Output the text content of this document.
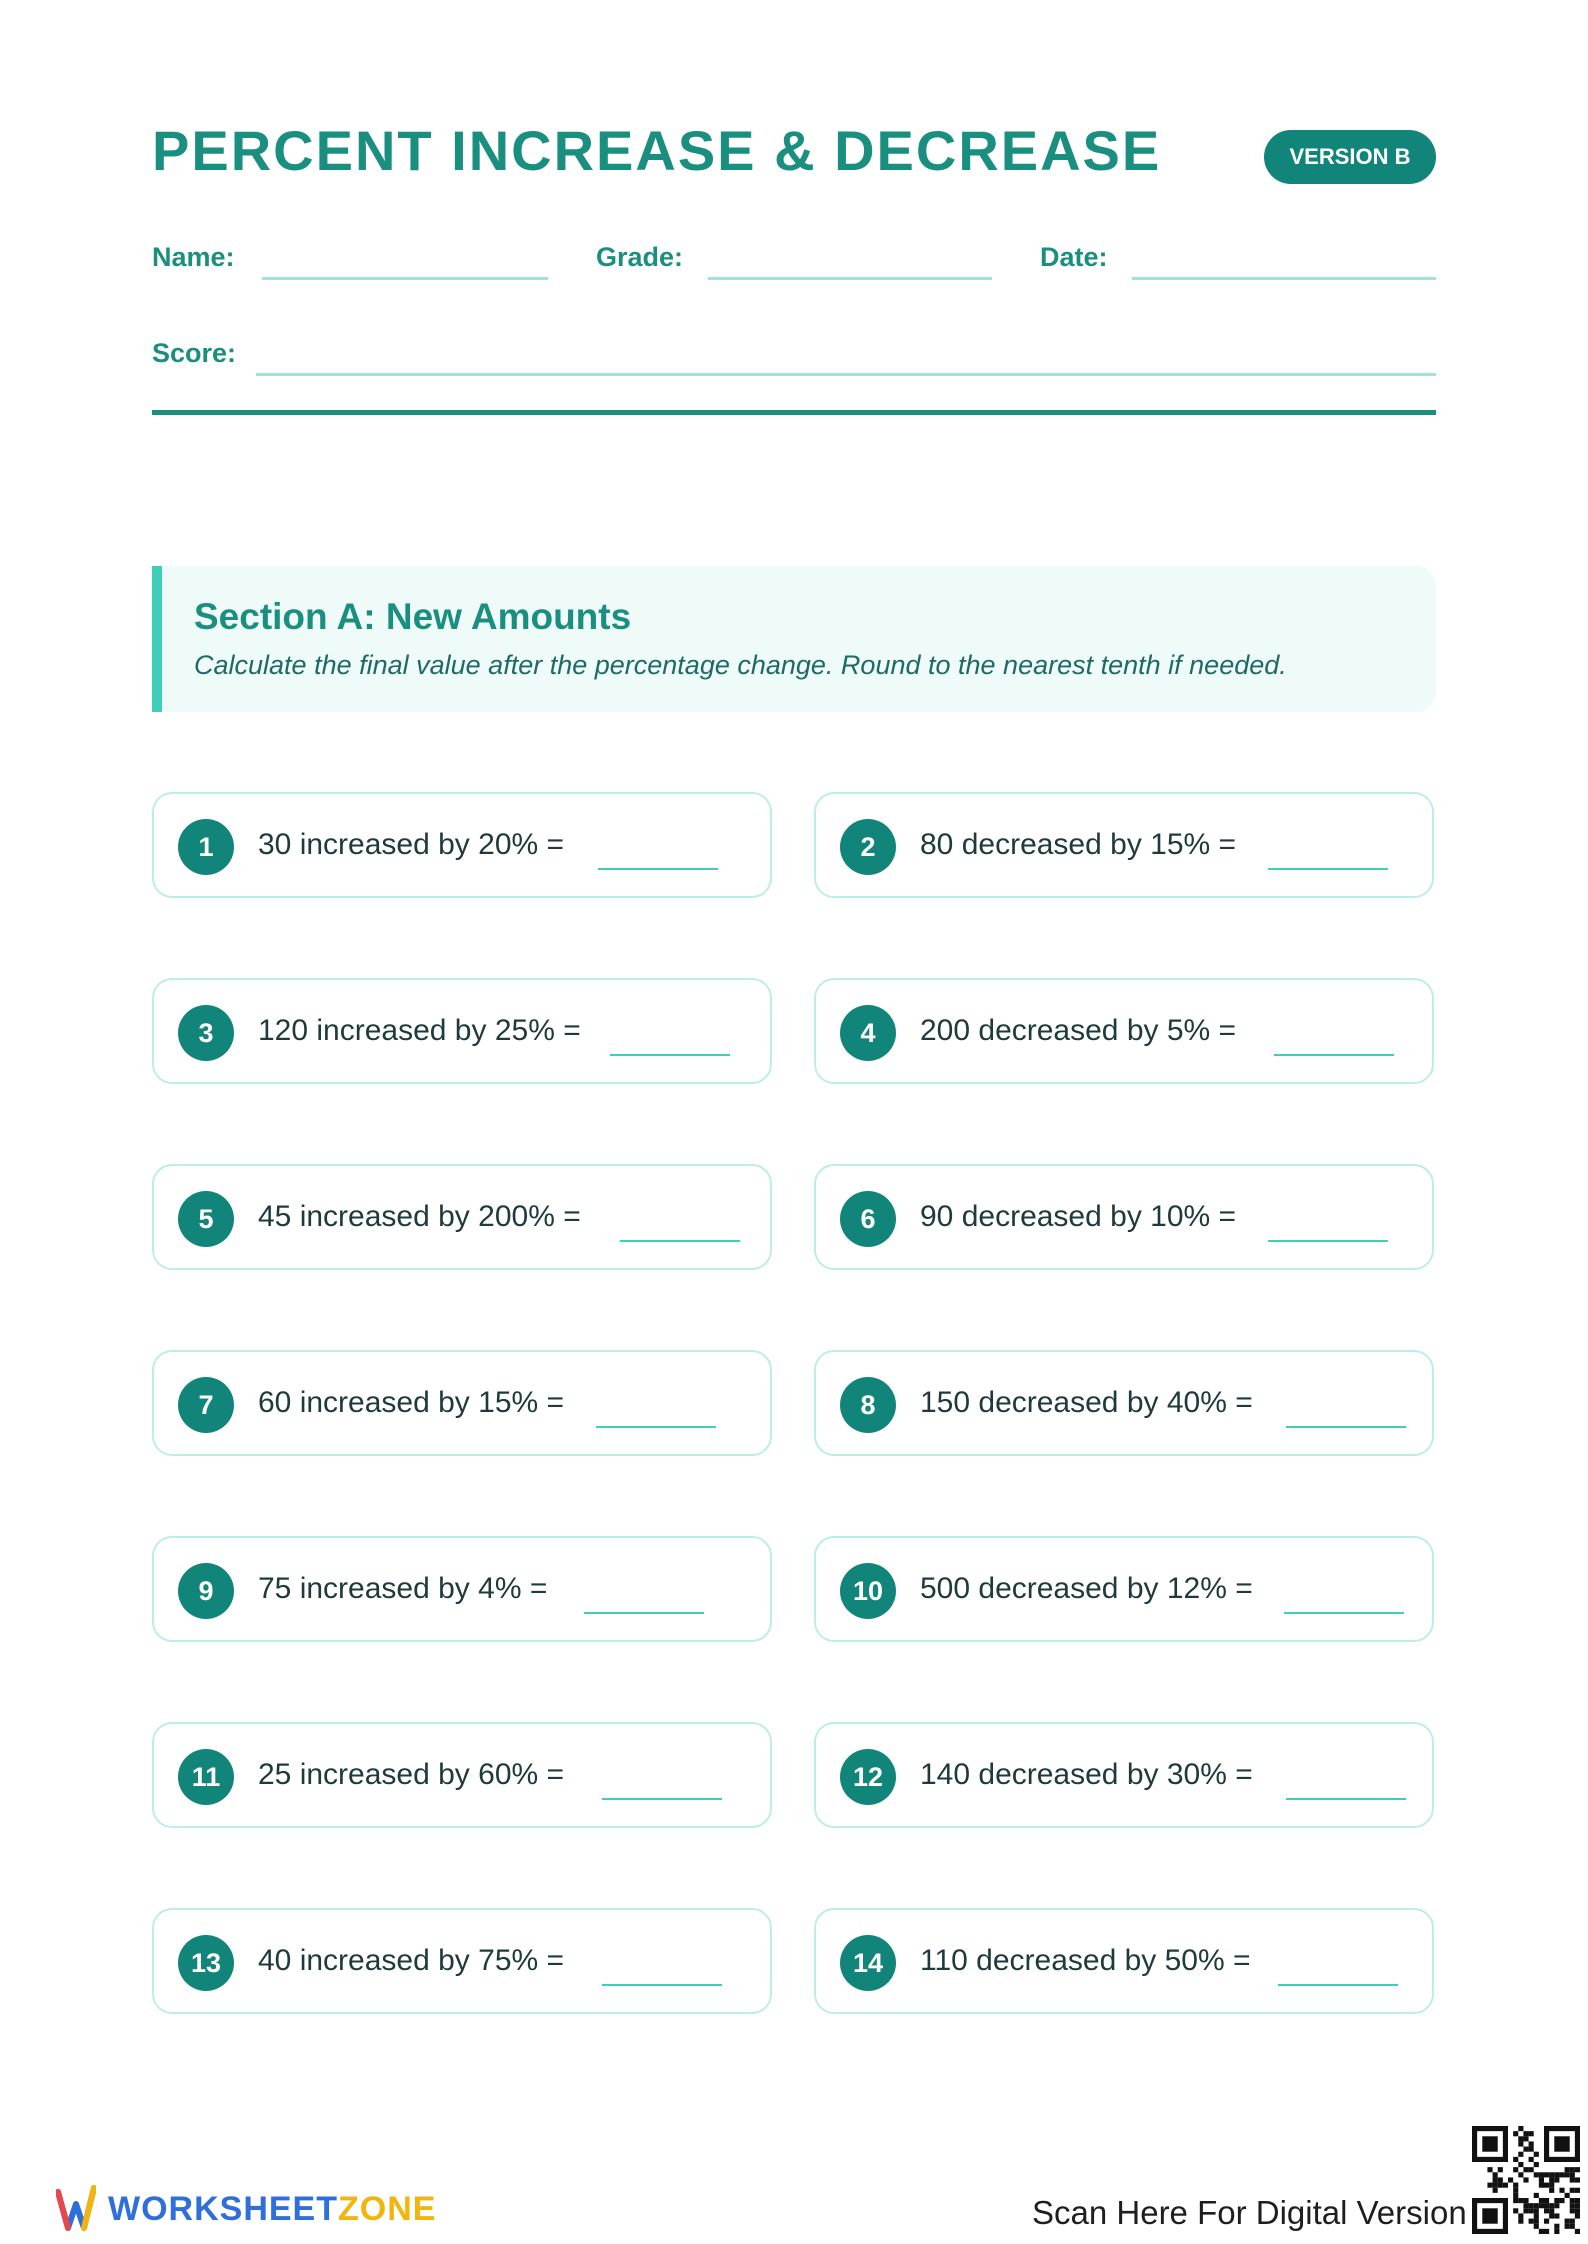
PERCENT INCREASE & DECREASE	VERSION B
Name:	Grade:	Date:
Score:
Section A: New Amounts
Calculate the final value after the percentage change. Round to the nearest tenth if needed.
1	30 increased by 20% =	2	80 decreased by 15% =
3	120 increased by 25% =	4	200 decreased by 5% =
5	45 increased by 200% =	6	90 decreased by 10% =
7	60 increased by 15% =	8	150 decreased by 40% =
9	75 increased by 4% =	10	500 decreased by 12% =
11	25 increased by 60% =	12	140 decreased by 30% =
13	40 increased by 75% =	14	110 decreased by 50% =
WORKSHEETZONE	Scan Here For Digital Version
